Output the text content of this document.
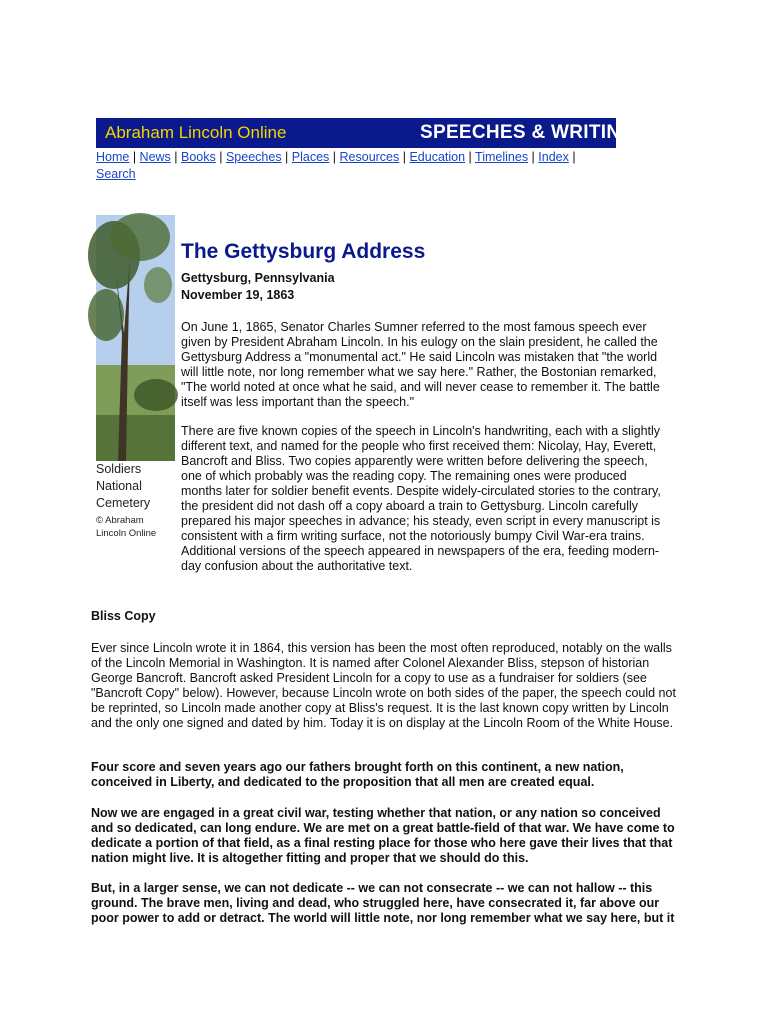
Abraham Lincoln Online	SPEECHES & WRITINGS
Home | News | Books | Speeches | Places | Resources | Education | Timelines | Index |
Search
Soldiers National Cemetery
© Abraham Lincoln Online
The Gettysburg Address
Gettysburg, Pennsylvania
November 19, 1863

On June 1, 1865, Senator Charles Sumner referred to the most famous speech ever given by President Abraham Lincoln. In his eulogy on the slain president, he called the Gettysburg Address a "monumental act." He said Lincoln was mistaken that "the world will little note, nor long remember what we say here." Rather, the Bostonian remarked, "The world noted at once what he said, and will never cease to remember it. The battle itself was less important than the speech."

There are five known copies of the speech in Lincoln's handwriting, each with a slightly different text, and named for the people who first received them: Nicolay, Hay, Everett, Bancroft and Bliss. Two copies apparently were written before delivering the speech, one of which probably was the reading copy. The remaining ones were produced months later for soldier benefit events. Despite widely-circulated stories to the contrary, the president did not dash off a copy aboard a train to Gettysburg. Lincoln carefully prepared his major speeches in advance; his steady, even script in every manuscript is consistent with a firm writing surface, not the notoriously bumpy Civil War-era trains. Additional versions of the speech appeared in newspapers of the era, feeding modern-day confusion about the authoritative text.

Bliss Copy

Ever since Lincoln wrote it in 1864, this version has been the most often reproduced, notably on the walls of the Lincoln Memorial in Washington. It is named after Colonel Alexander Bliss, stepson of historian George Bancroft. Bancroft asked President Lincoln for a copy to use as a fundraiser for soldiers (see "Bancroft Copy" below). However, because Lincoln wrote on both sides of the paper, the speech could not be reprinted, so Lincoln made another copy at Bliss's request. It is the last known copy written by Lincoln and the only one signed and dated by him. Today it is on display at the Lincoln Room of the White House.

Four score and seven years ago our fathers brought forth on this continent, a new nation, conceived in Liberty, and dedicated to the proposition that all men are created equal.

Now we are engaged in a great civil war, testing whether that nation, or any nation so conceived and so dedicated, can long endure. We are met on a great battle-field of that war. We have come to dedicate a portion of that field, as a final resting place for those who here gave their lives that that nation might live. It is altogether fitting and proper that we should do this.

But, in a larger sense, we can not dedicate -- we can not consecrate -- we can not hallow -- this ground. The brave men, living and dead, who struggled here, have consecrated it, far above our poor power to add or detract. The world will little note, nor long remember what we say here, but it
